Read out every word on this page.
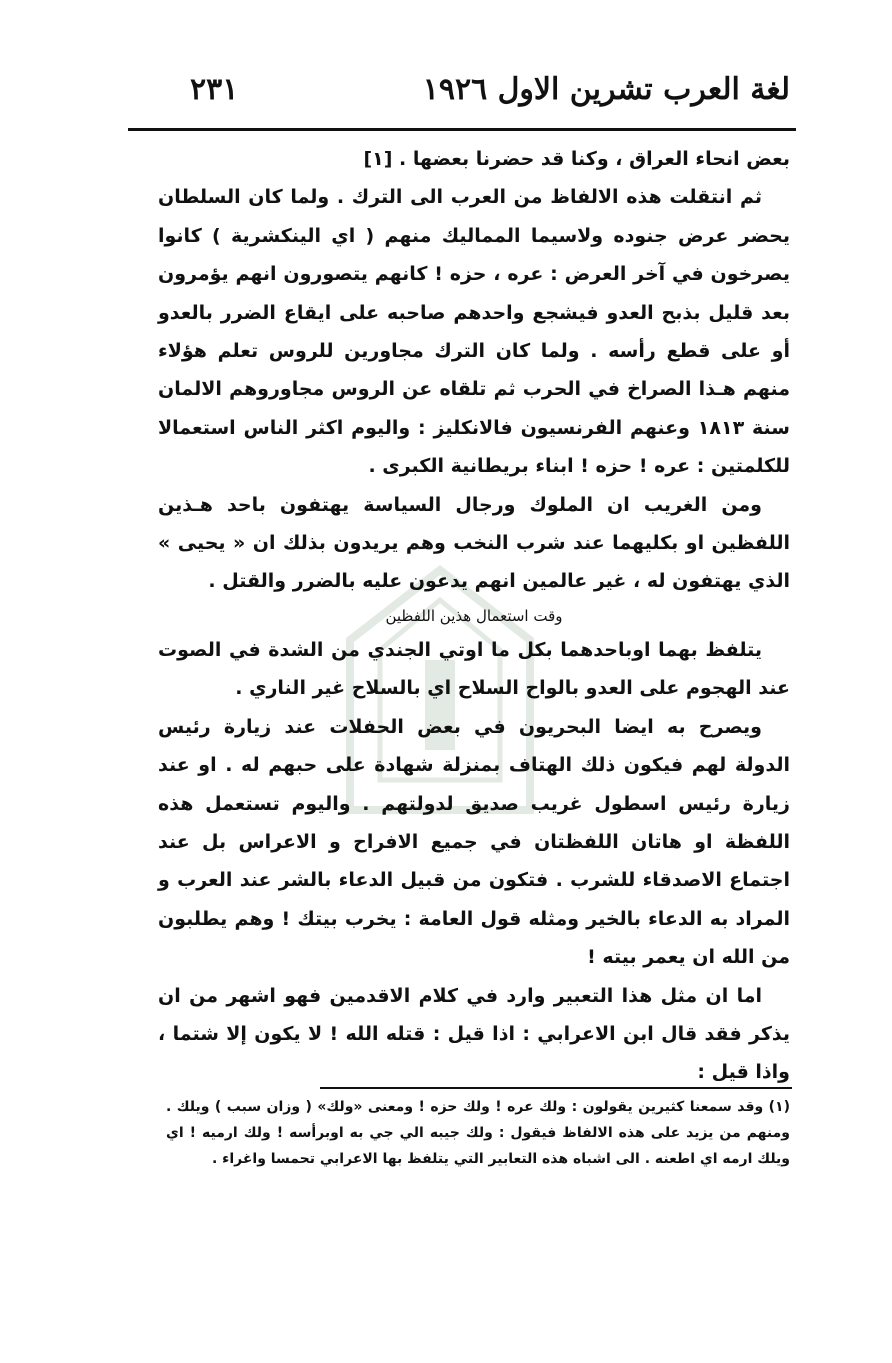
لغة العرب تشرين الاول ١٩٢٦
٢٣١

بعض انحاء العراق ، وكنا قد حضرنا بعضها . [١]

ثم انتقلت هذه الالفاظ من العرب الى الترك . ولما كان السلطان يحضر عرض جنوده ولاسيما المماليك منهم ( اي الينكشرية ) كانوا يصرخون في آخر العرض : عره ، حزه ! كانهم يتصورون انهم يؤمرون بعد قليل بذبح العدو فيشجع واحدهم صاحبه على ايقاع الضرر بالعدو أو على قطع رأسه . ولما كان الترك مجاورين للروس تعلم هؤلاء منهم هـذا الصراخ في الحرب ثم تلقاه عن الروس مجاوروهم الالمان سنة ١٨١٣ وعنهم الفرنسيون فالانكليز : واليوم اكثر الناس استعمالا للكلمتين : عره ! حزه ! ابناء بريطانية الكبرى .

ومن الغريب ان الملوك ورجال السياسة يهتفون باحد هـذين اللفظين او بكليهما عند شرب النخب وهم يريدون بذلك ان « يحيى » الذي يهتفون له ، غير عالمين انهم يدعون عليه بالضرر والقتل .

وقت استعمال هذين اللفظين

يتلفظ بهما اوباحدهما بكل ما اوتي الجندي من الشدة في الصوت عند الهجوم على العدو بالواح السلاح اي بالسلاح غير الناري .

ويصرح به ايضا البحريون في بعض الحفلات عند زيارة رئيس الدولة لهم فيكون ذلك الهتاف بمنزلة شهادة على حبهم له . او عند زيارة رئيس اسطول غريب صديق لدولتهم . واليوم تستعمل هذه اللفظة او هاتان اللفظتان في جميع الافراح و الاعراس بل عند اجتماع الاصدقاء للشرب . فتكون من قبيل الدعاء بالشر عند العرب و المراد به الدعاء بالخير ومثله قول العامة : يخرب بيتك ! وهم يطلبون من الله ان يعمر بيته !

اما ان مثل هذا التعبير وارد في كلام الاقدمين فهو اشهر من ان يذكر فقد قال ابن الاعرابي : اذا قيل : قتله الله ! لا يكون إلا شتما ، واذا قيل :

(١) وقد سمعنا كثيرين يقولون : ولك عره ! ولك حزه ! ومعنى «ولك» ( وزان سبب ) ويلك . ومنهم من يزيد على هذه الالفاظ فيقول : ولك جيبه الي جي به اوبرأسه ! ولك ارميه ! اي ويلك ارمه اي اطعنه . الى اشباه هذه التعابير التي يتلفظ بها الاعرابي تحمسا واغراء .
